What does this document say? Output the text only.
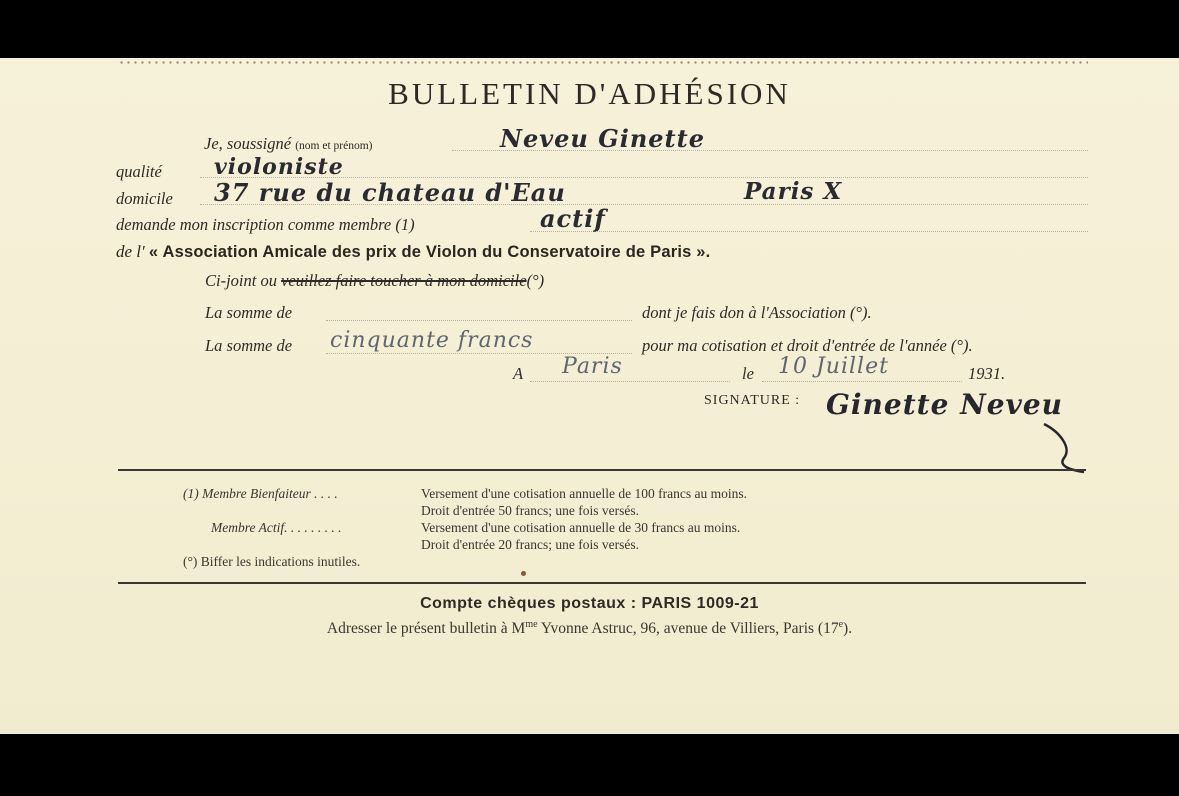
BULLETIN D'ADHÉSION
Je, soussigné (nom et prénom)	Neveu Ginette
qualité violoniste
domicile 37 rue du chateau d'Eau	Paris X
demande mon inscription comme membre (1)	actif
de l' « Association Amicale des prix de Violon du Conservatoire de Paris ».
Ci-joint ou veuillez faire toucher à mon domicile(°)
La somme de	dont je fais don à l'Association (°).
La somme de cinquante francs	pour ma cotisation et droit d'entrée de l'année (°).
A Paris	le 10 Juillet	1931.
SIGNATURE : Ginette Neveu
(1) Membre Bienfaiteur . . . .	Versement d'une cotisation annuelle de 100 francs au moins.
Droit d'entrée 50 francs; une fois versés.
Membre Actif. . . . . . . . .	Versement d'une cotisation annuelle de 30 francs au moins.
Droit d'entrée 20 francs; une fois versés.
(°) Biffer les indications inutiles.
Compte chèques postaux : PARIS 1009-21
Adresser le présent bulletin à $M^{me}$ Yvonne Astruc, 96, avenue de Villiers, Paris (17e).
